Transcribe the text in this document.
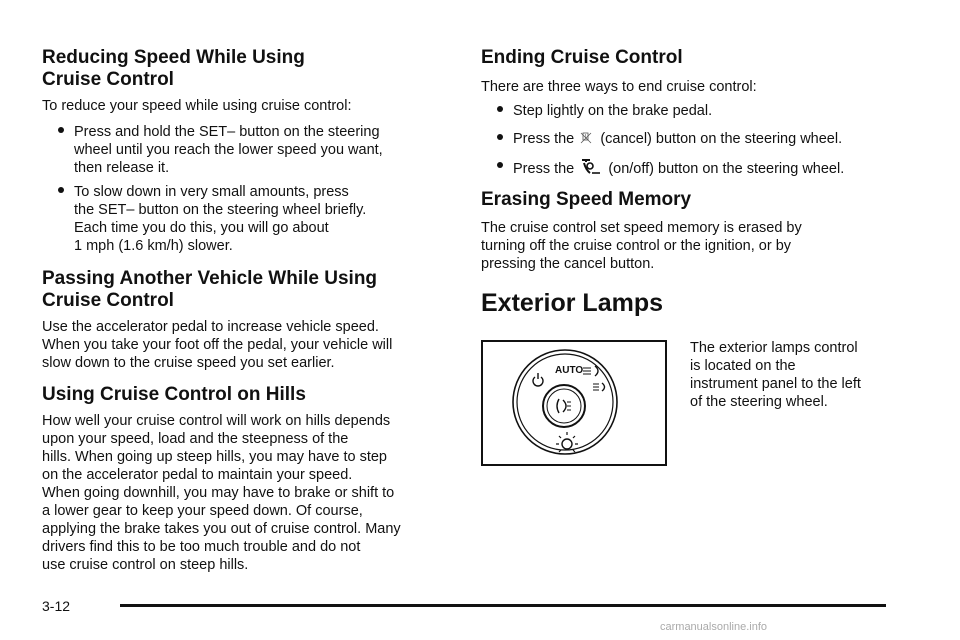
Reducing Speed While Using
Cruise Control

To reduce your speed while using cruise control:

Press and hold the SET– button on the steering
wheel until you reach the lower speed you want,
then release it.
To slow down in very small amounts, press
the SET– button on the steering wheel briefly.
Each time you do this, you will go about
1 mph (1.6 km/h) slower.
Passing Another Vehicle While Using
Cruise Control

Use the accelerator pedal to increase vehicle speed.

When you take your foot off the pedal, your vehicle will

slow down to the cruise speed you set earlier.

Using Cruise Control on Hills

How well your cruise control will work on hills depends

upon your speed, load and the steepness of the

hills. When going up steep hills, you may have to step

on the accelerator pedal to maintain your speed.

When going downhill, you may have to brake or shift to

a lower gear to keep your speed down. Of course,

applying the brake takes you out of cruise control. Many

drivers find this to be too much trouble and do not

use cruise control on steep hills.

Ending Cruise Control

There are three ways to end cruise control:

Step lightly on the brake pedal.
Press the (cancel) button on the steering wheel.
Press the (on/off) button on the steering wheel.
Erasing Speed Memory

The cruise control set speed memory is erased by

turning off the cruise control or the ignition, or by

pressing the cancel button.

Exterior Lamps
AUTO

The exterior lamps control

is located on the

instrument panel to the left

of the steering wheel.

3-12
carmanualsonline.info
